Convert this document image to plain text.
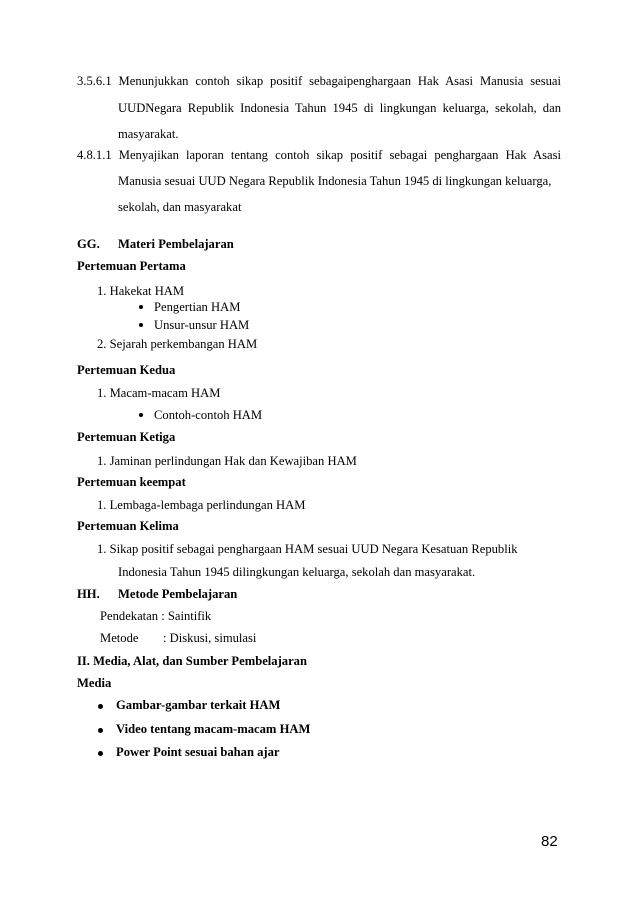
3.5.6.1 Menunjukkan contoh sikap positif sebagaipenghargaan Hak Asasi Manusia sesuai
UUDNegara Republik Indonesia Tahun 1945 di lingkungan keluarga, sekolah, dan
masyarakat.
4.8.1.1 Menyajikan laporan tentang contoh sikap positif sebagai penghargaan Hak Asasi
Manusia sesuai UUD Negara Republik Indonesia Tahun 1945 di lingkungan keluarga,
sekolah, dan masyarakat
GG. Materi Pembelajaran
Pertemuan Pertama
1. Hakekat HAM
Pengertian HAM
Unsur-unsur HAM
2. Sejarah perkembangan HAM
Pertemuan Kedua
1. Macam-macam HAM
Contoh-contoh HAM
Pertemuan Ketiga
1. Jaminan perlindungan Hak dan Kewajiban HAM
Pertemuan keempat
1. Lembaga-lembaga perlindungan HAM
Pertemuan Kelima
1. Sikap positif sebagai penghargaan HAM sesuai UUD Negara Kesatuan Republik
Indonesia Tahun 1945 dilingkungan keluarga, sekolah dan masyarakat.
HH. Metode Pembelajaran
Pendekatan : Saintifik
Metode : Diskusi, simulasi
II. Media, Alat, dan Sumber Pembelajaran
Media
Gambar-gambar terkait HAM
Video tentang macam-macam HAM
Power Point sesuai bahan ajar
82
